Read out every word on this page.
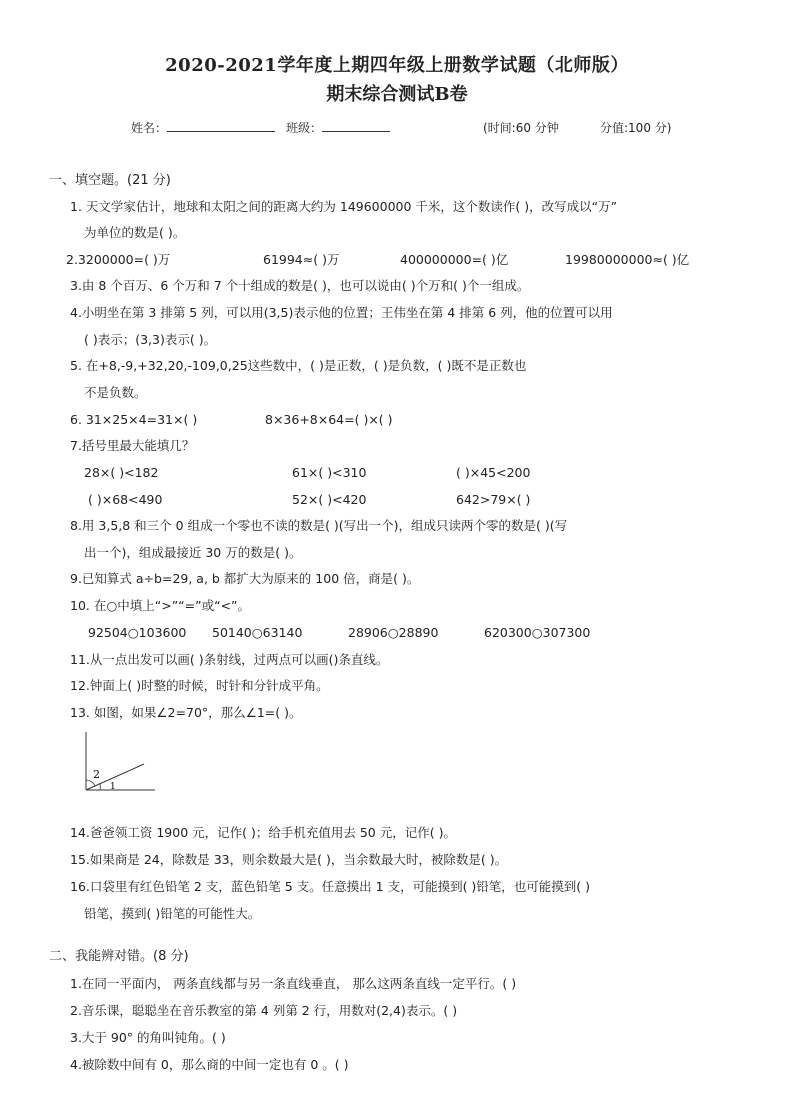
2020-2021学年度上期四年级上册数学试题（北师版）
期末综合测试B卷
姓名：	班级：	(时间:60 分钟	分值:100 分)
一、填空题。(21 分)
1. 天文学家估计，地球和太阳之间的距离大约为 149600000 千米，这个数读作( )，改写成以“万”
为单位的数是( )。
2.3200000=( )万	61994≈( )万	400000000=( )亿	19980000000≈( )亿
3.由 8 个百万、6 个万和 7 个十组成的数是( )，也可以说由( )个万和( )个一组成。
4.小明坐在第 3 排第 5 列，可以用(3,5)表示他的位置；王伟坐在第 4 排第 6 列，他的位置可以用
( )表示；(3,3)表示( )。
5. 在+8,-9,+32,20,-109,0,25这些数中，( )是正数，( )是负数，( )既不是正数也
不是负数。
6. 31×25×4=31×( )	8×36+8×64=( )×( )
7.括号里最大能填几？
28×( )<182	61×( )<310	( )×45<200
( )×68<490	52×( )<420	642>79×( )
8.用 3,5,8 和三个 0 组成一个零也不读的数是( )(写出一个)，组成只读两个零的数是( )(写
出一个)，组成最接近 30 万的数是( )。
9.已知算式 a÷b=29, a, b 都扩大为原来的 100 倍，商是( )。
10. 在○中填上“>”“=”或“<”。
92504○103600 50140○63140	28906○28890	620300○307300
11.从一点出发可以画( )条射线，过两点可以画()条直线。
12.钟面上( )时整的时候，时针和分针成平角。
13. 如图，如果∠2=70°，那么∠1=( )。
2
1
14.爸爸领工资 1900 元，记作( )；给手机充值用去 50 元，记作( )。
15.如果商是 24，除数是 33，则余数最大是( )，当余数最大时，被除数是( )。
16.口袋里有红色铅笔 2 支，蓝色铅笔 5 支。任意摸出 1 支，可能摸到( )铅笔，也可能摸到( )
铅笔，摸到( )铅笔的可能性大。
二、我能辨对错。(8 分)
1.在同一平面内， 两条直线都与另一条直线垂直， 那么这两条直线一定平行。( )
2.音乐课，聪聪坐在音乐教室的第 4 列第 2 行，用数对(2,4)表示。( )
3.大于 90° 的角叫钝角。( )
4.被除数中间有 0，那么商的中间一定也有 0 。( )
